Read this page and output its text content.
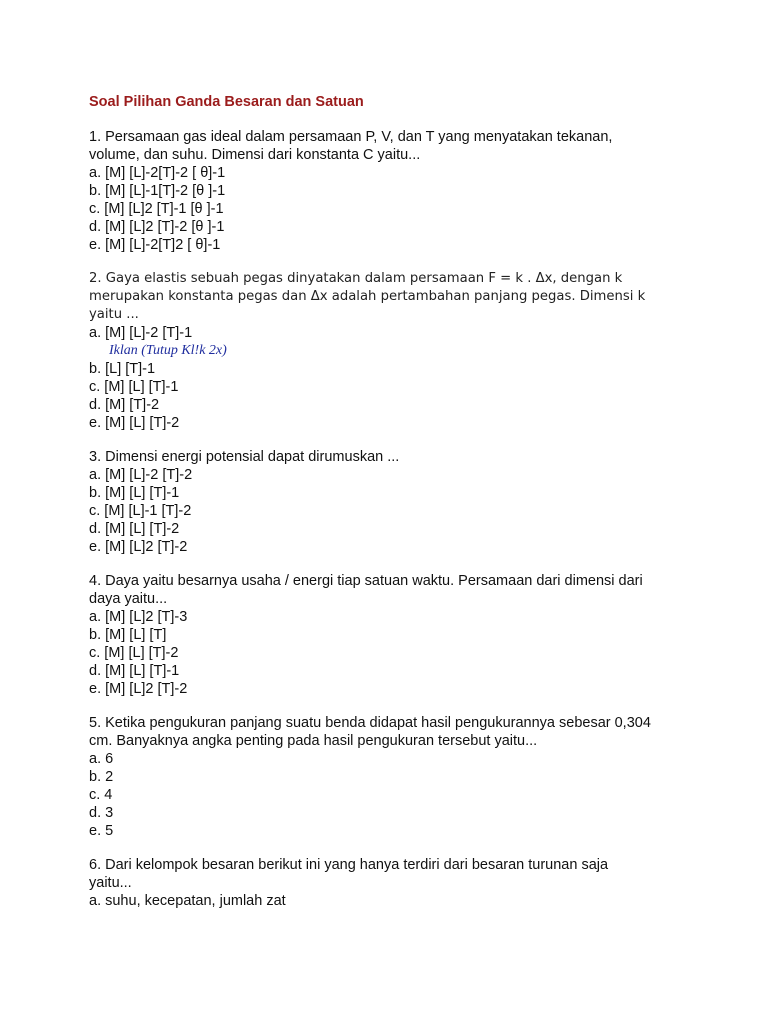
Soal Pilihan Ganda Besaran dan Satuan
1. Persamaan gas ideal dalam persamaan P, V, dan T yang menyatakan tekanan,
volume, dan suhu. Dimensi dari konstanta C yaitu...
a. [M] [L]-2[T]-2 [ θ]-1
b. [M] [L]-1[T]-2 [θ ]-1
c. [M] [L]2 [T]-1 [θ ]-1
d. [M] [L]2 [T]-2 [θ ]-1
e. [M] [L]-2[T]2 [ θ]-1
2. Gaya elastis sebuah pegas dinyatakan dalam persamaan F = k . Δx, dengan k
merupakan konstanta pegas dan Δx adalah pertambahan panjang pegas. Dimensi k
yaitu ...
a. [M] [L]-2 [T]-1
Iklan (Tutup Kl!k 2x)
b. [L] [T]-1
c. [M] [L] [T]-1
d. [M] [T]-2
e. [M] [L] [T]-2
3. Dimensi energi potensial dapat dirumuskan ...
a. [M] [L]-2 [T]-2
b. [M] [L] [T]-1
c. [M] [L]-1 [T]-2
d. [M] [L] [T]-2
e. [M] [L]2 [T]-2
4. Daya yaitu besarnya usaha / energi tiap satuan waktu. Persamaan dari dimensi dari
daya yaitu...
a. [M] [L]2 [T]-3
b. [M] [L] [T]
c. [M] [L] [T]-2
d. [M] [L] [T]-1
e. [M] [L]2 [T]-2
5. Ketika pengukuran panjang suatu benda didapat hasil pengukurannya sebesar 0,304
cm. Banyaknya angka penting pada hasil pengukuran tersebut yaitu...
a. 6
b. 2
c. 4
d. 3
e. 5
6. Dari kelompok besaran berikut ini yang hanya terdiri dari besaran turunan saja
yaitu...
a. suhu, kecepatan, jumlah zat
